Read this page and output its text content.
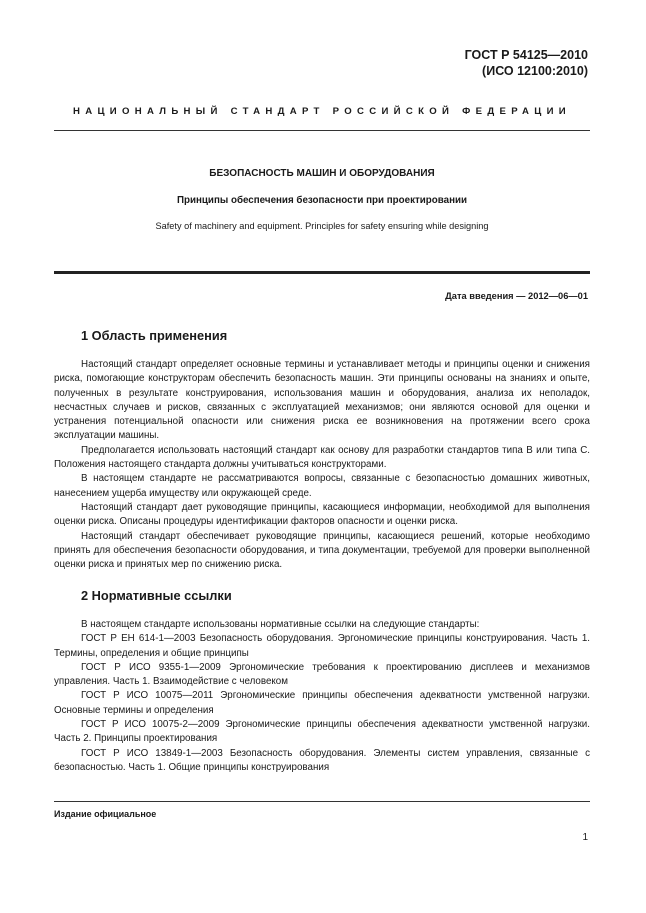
ГОСТ Р 54125—2010
(ИСО 12100:2010)
НАЦИОНАЛЬНЫЙ СТАНДАРТ РОССИЙСКОЙ ФЕДЕРАЦИИ
БЕЗОПАСНОСТЬ МАШИН И ОБОРУДОВАНИЯ
Принципы обеспечения безопасности при проектировании
Safety of machinery and equipment. Principles for safety ensuring while designing
Дата введения — 2012—06—01
1 Область применения

Настоящий стандарт определяет основные термины и устанавливает методы и принципы оценки и снижения риска, помогающие конструкторам обеспечить безопасность машин. Эти принципы основаны на знаниях и опыте, полученных в результате конструирования, использования машин и оборудования, анализа их неполадок, несчастных случаев и рисков, связанных с эксплуатацией механизмов; они являются основой для оценки и устранения потенциальной опасности или снижения риска ее возникновения на протяжении всего срока эксплуатации машины.

Предполагается использовать настоящий стандарт как основу для разработки стандартов типа В или типа С. Положения настоящего стандарта должны учитываться конструкторами.

В настоящем стандарте не рассматриваются вопросы, связанные с безопасностью домашних животных, нанесением ущерба имуществу или окружающей среде.

Настоящий стандарт дает руководящие принципы, касающиеся информации, необходимой для выполнения оценки риска. Описаны процедуры идентификации факторов опасности и оценки риска.

Настоящий стандарт обеспечивает руководящие принципы, касающиеся решений, которые необходимо принять для обеспечения безопасности оборудования, и типа документации, требуемой для проверки выполненной оценки риска и принятых мер по снижению риска.

2 Нормативные ссылки

В настоящем стандарте использованы нормативные ссылки на следующие стандарты:

ГОСТ Р ЕН 614-1—2003 Безопасность оборудования. Эргономические принципы конструирования. Часть 1. Термины, определения и общие принципы

ГОСТ Р ИСО 9355-1—2009 Эргономические требования к проектированию дисплеев и механизмов управления. Часть 1. Взаимодействие с человеком

ГОСТ Р ИСО 10075—2011 Эргономические принципы обеспечения адекватности умственной нагрузки. Основные термины и определения

ГОСТ Р ИСО 10075-2—2009 Эргономические принципы обеспечения адекватности умственной нагрузки. Часть 2. Принципы проектирования

ГОСТ Р ИСО 13849-1—2003 Безопасность оборудования. Элементы систем управления, связанные с безопасностью. Часть 1. Общие принципы конструирования

Издание официальное
1
